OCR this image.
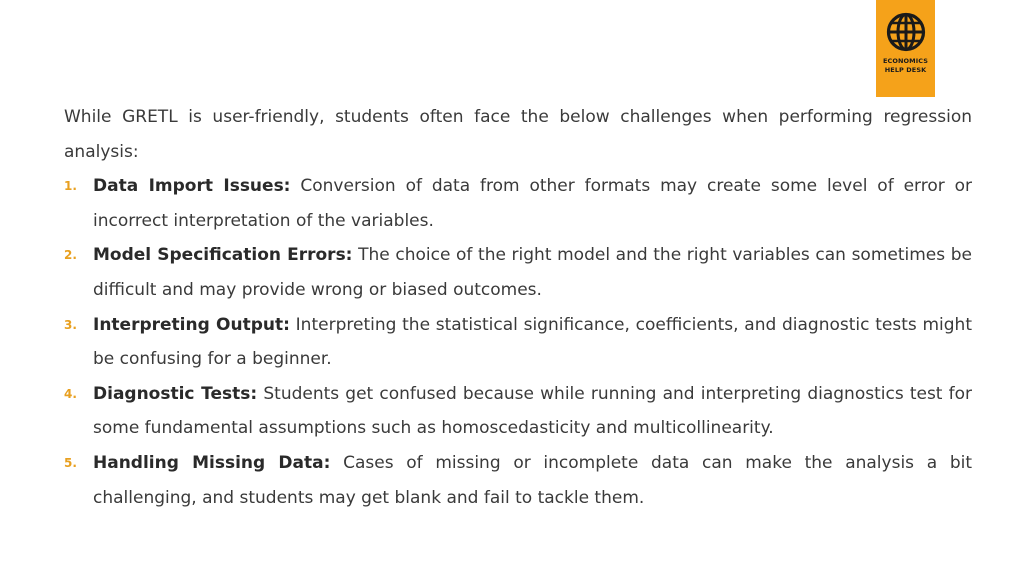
ECONOMICS
HELP DESK

While GRETL is user-friendly, students often face the below challenges when performing regression analysis:

1. Data Import Issues: Conversion of data from other formats may create some level of error or incorrect interpretation of the variables.
2. Model Specification Errors: The choice of the right model and the right variables can sometimes be difficult and may provide wrong or biased outcomes.
3. Interpreting Output: Interpreting the statistical significance, coefficients, and diagnostic tests might be confusing for a beginner.
4. Diagnostic Tests: Students get confused because while running and interpreting diagnostics test for some fundamental assumptions such as homoscedasticity and multicollinearity.
5. Handling Missing Data: Cases of missing or incomplete data can make the analysis a bit challenging, and students may get blank and fail to tackle them.
